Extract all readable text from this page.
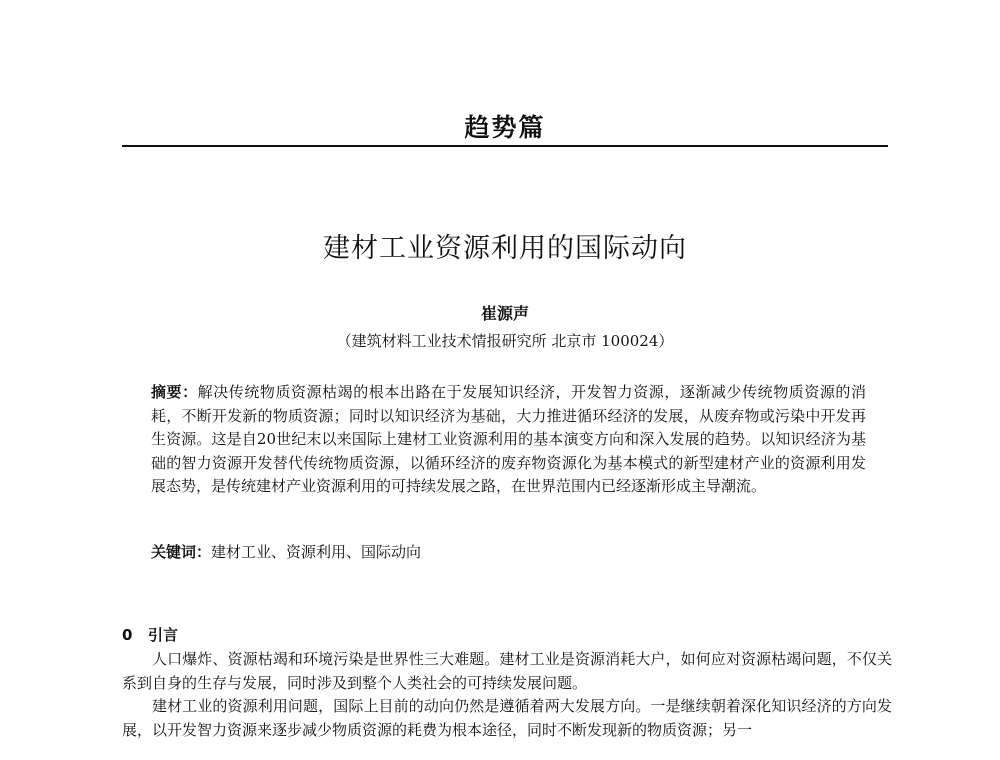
趋势篇
建材工业资源利用的国际动向
崔源声
（建筑材料工业技术情报研究所 北京市 100024）

摘要：解决传统物质资源枯竭的根本出路在于发展知识经济，开发智力资源，逐渐减少传统物质资源的消耗，不断开发新的物质资源；同时以知识经济为基础，大力推进循环经济的发展，从废弃物或污染中开发再生资源。这是自20世纪末以来国际上建材工业资源利用的基本演变方向和深入发展的趋势。以知识经济为基础的智力资源开发替代传统物质资源，以循环经济的废弃物资源化为基本模式的新型建材产业的资源利用发展态势，是传统建材产业资源利用的可持续发展之路，在世界范围内已经逐渐形成主导潮流。

关键词：建材工业、资源利用、国际动向
0 引言

人口爆炸、资源枯竭和环境污染是世界性三大难题。建材工业是资源消耗大户，如何应对资源枯竭问题，不仅关系到自身的生存与发展，同时涉及到整个人类社会的可持续发展问题。

建材工业的资源利用问题，国际上目前的动向仍然是遵循着两大发展方向。一是继续朝着深化知识经济的方向发展，以开发智力资源来逐步减少物质资源的耗费为根本途径，同时不断发现新的物质资源；另一
